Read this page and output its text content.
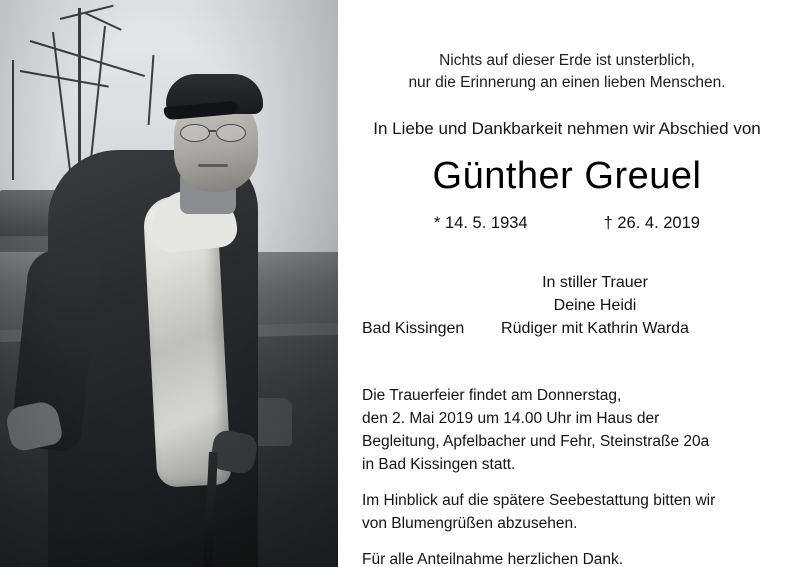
Nichts auf dieser Erde ist unsterblich,
nur die Erinnerung an einen lieben Menschen.
In Liebe und Dankbarkeit nehmen wir Abschied von
Günther Greuel
* 14. 5. 1934	† 26. 4. 2019
In stiller Trauer
Deine Heidi
Rüdiger mit Kathrin Warda
Bad Kissingen

Die Trauerfeier findet am Donnerstag,

den 2. Mai 2019 um 14.00 Uhr im Haus der

Begleitung, Apfelbacher und Fehr, Steinstraße 20a

in Bad Kissingen statt.

Im Hinblick auf die spätere Seebestattung bitten wir

von Blumengrüßen abzusehen.

Für alle Anteilnahme herzlichen Dank.
